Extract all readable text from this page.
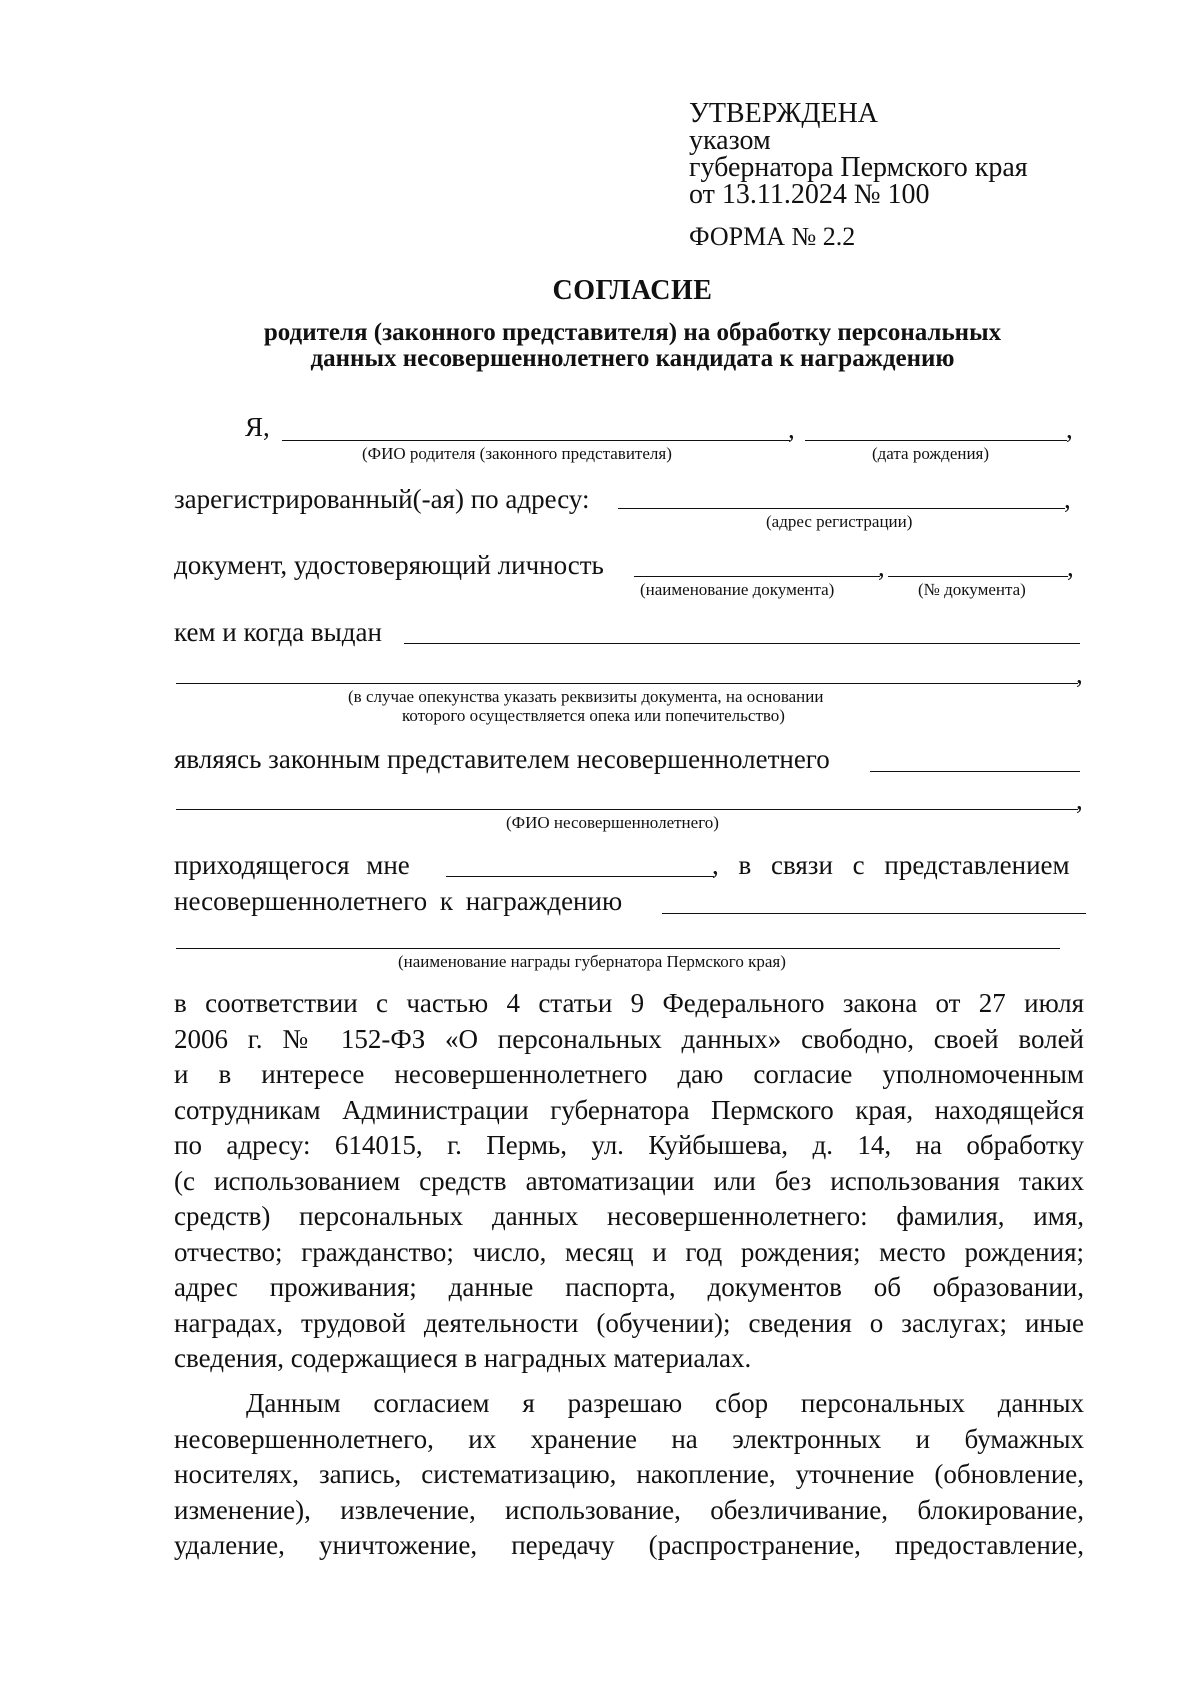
УТВЕРЖДЕНА
указом
губернатора Пермского края
от 13.11.2024 № 100
ФОРМА № 2.2
СОГЛАСИЕ
родителя (законного представителя) на обработку персональных
данных несовершеннолетнего кандидата к награждению
Я,	,	,
(ФИО родителя (законного представителя)	(дата рождения)
зарегистрированный(-ая) по адресу:	,
(адрес регистрации)
документ, удостоверяющий личность	,	,
(наименование документа)	(№ документа)
кем и когда выдан
,
(в случае опекунства указать реквизиты документа, на основании
которого осуществляется опека или попечительство)
являясь законным представителем несовершеннолетнего
,
(ФИО несовершеннолетнего)
приходящегося мне	, в связи с представлением
несовершеннолетнего к награждению
(наименование награды губернатора Пермского края)
в соответствии с частью 4 статьи 9 Федерального закона от 27 июля
2006 г. № 152-ФЗ «О персональных данных» свободно, своей волей
и в интересе несовершеннолетнего даю согласие уполномоченным
сотрудникам Администрации губернатора Пермского края, находящейся
по адресу: 614015, г. Пермь, ул. Куйбышева, д. 14, на обработку
(с использованием средств автоматизации или без использования таких
средств) персональных данных несовершеннолетнего: фамилия, имя,
отчество; гражданство; число, месяц и год рождения; место рождения;
адрес проживания; данные паспорта, документов об образовании,
наградах, трудовой деятельности (обучении); сведения о заслугах; иные
сведения, содержащиеся в наградных материалах.
Данным согласием я разрешаю сбор персональных данных
несовершеннолетнего, их хранение на электронных и бумажных
носителях, запись, систематизацию, накопление, уточнение (обновление,
изменение), извлечение, использование, обезличивание, блокирование,
удаление, уничтожение, передачу (распространение, предоставление,
